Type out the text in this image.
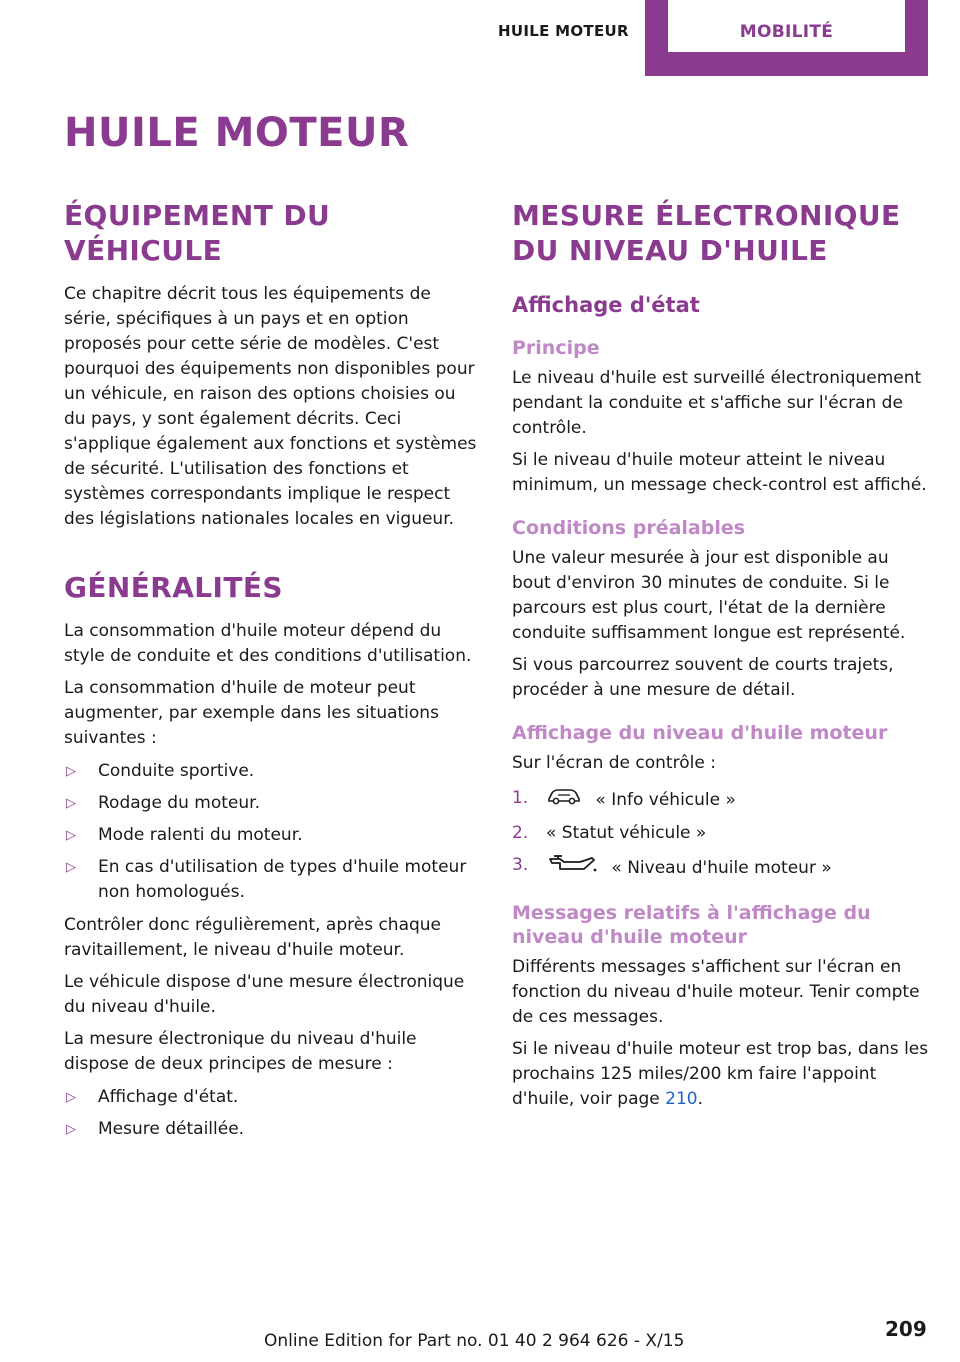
HUILE MOTEUR	MOBILITÉ
HUILE MOTEUR
ÉQUIPEMENT DU VÉHICULE

Ce chapitre décrit tous les équipements de série, spécifiques à un pays et en option proposés pour cette série de modèles. C'est pourquoi des équipements non disponibles pour un véhicule, en raison des options choisies ou du pays, y sont également décrits. Ceci s'applique également aux fonctions et systèmes de sécurité. L'utilisation des fonctions et systèmes correspondants implique le respect des législations nationales locales en vigueur.

GÉNÉRALITÉS

La consommation d'huile moteur dépend du style de conduite et des conditions d'utilisation.

La consommation d'huile de moteur peut augmenter, par exemple dans les situations suivantes :

▷ Conduite sportive.
▷ Rodage du moteur.
▷ Mode ralenti du moteur.
▷ En cas d'utilisation de types d'huile moteur non homologués.

Contrôler donc régulièrement, après chaque ravitaillement, le niveau d'huile moteur.

Le véhicule dispose d'une mesure électronique du niveau d'huile.

La mesure électronique du niveau d'huile dispose de deux principes de mesure :

▷ Affichage d'état.
▷ Mesure détaillée.
MESURE ÉLECTRONIQUE DU NIVEAU D'HUILE
Affichage d'état
Principe

Le niveau d'huile est surveillé électroniquement pendant la conduite et s'affiche sur l'écran de contrôle.

Si le niveau d'huile moteur atteint le niveau minimum, un message check-control est affiché.

Conditions préalables

Une valeur mesurée à jour est disponible au bout d'environ 30 minutes de conduite. Si le parcours est plus court, l'état de la dernière conduite suffisamment longue est représenté.

Si vous parcourrez souvent de courts trajets, procéder à une mesure de détail.

Affichage du niveau d'huile moteur

Sur l'écran de contrôle :

1.	« Info véhicule »
2. « Statut véhicule »
3.	« Niveau d'huile moteur »
Messages relatifs à l'affichage du niveau d'huile moteur

Différents messages s'affichent sur l'écran en fonction du niveau d'huile moteur. Tenir compte de ces messages.

Si le niveau d'huile moteur est trop bas, dans les prochains 125 miles/200 km faire l'appoint d'huile, voir page 210.

Online Edition for Part no. 01 40 2 964 626 - X/15	209
